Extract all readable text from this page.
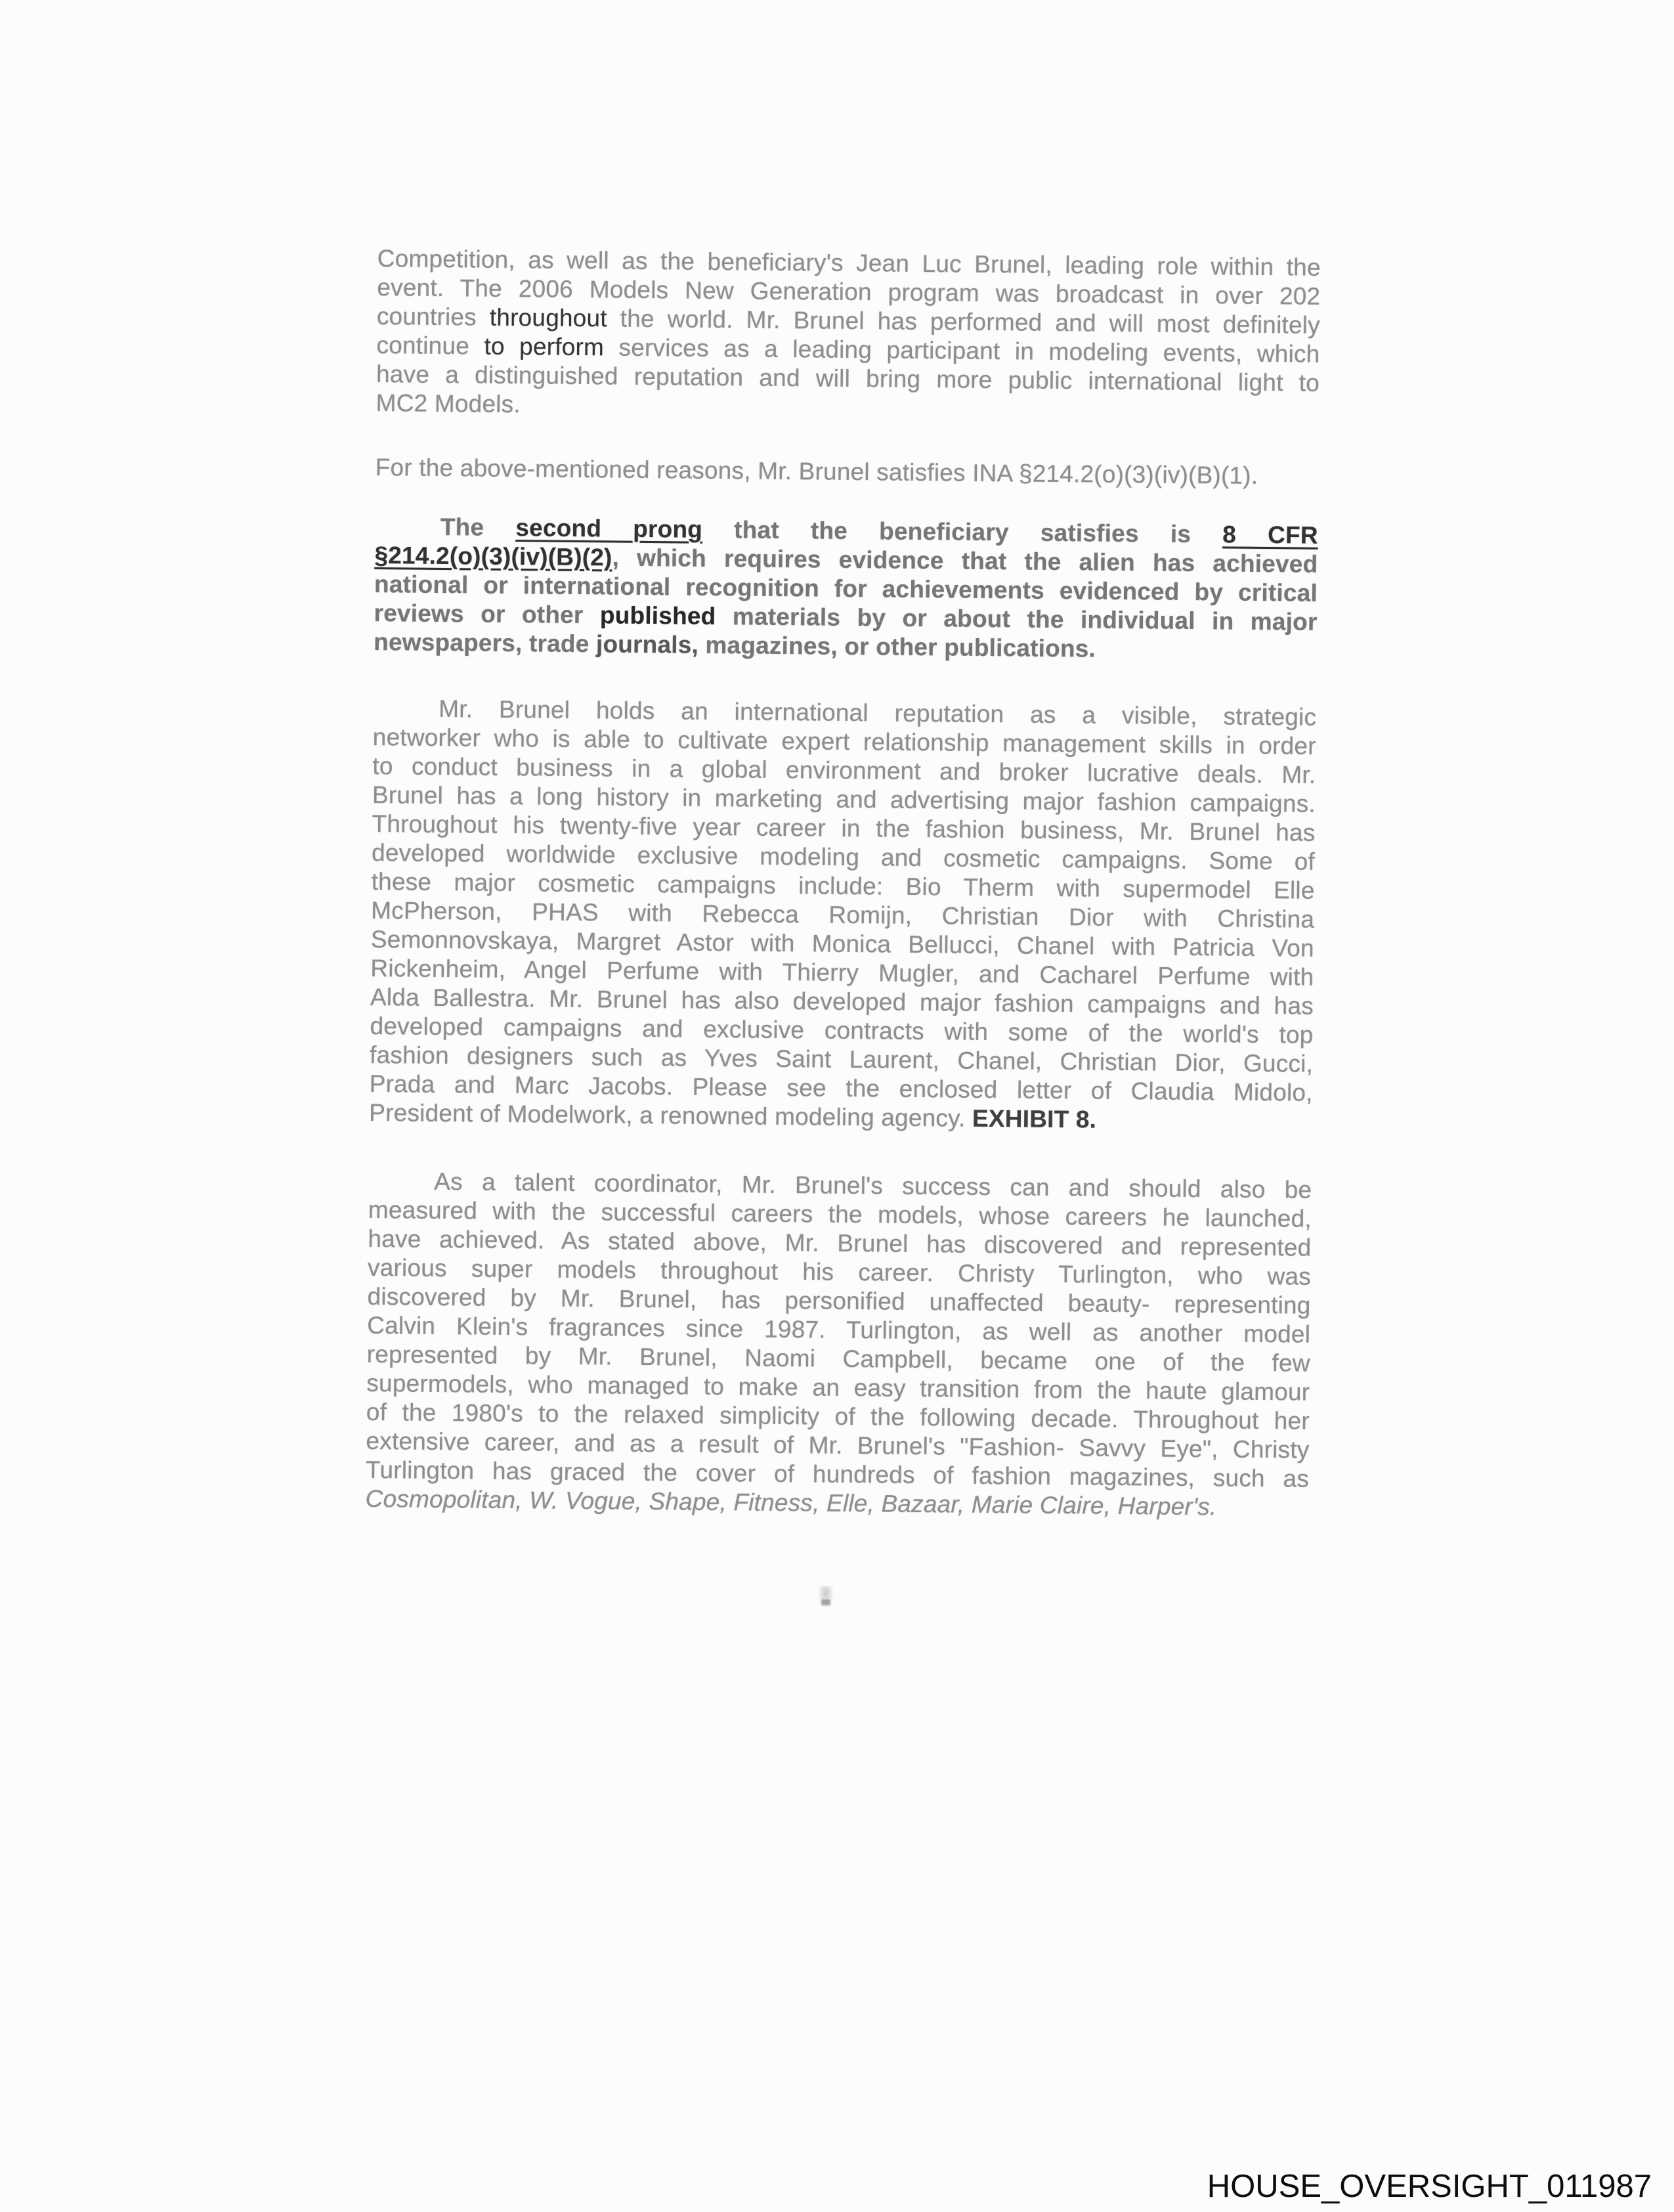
Competition, as well as the beneficiary's Jean Luc Brunel, leading role within the
event. The 2006 Models New Generation program was broadcast in over 202
countries throughout the world. Mr. Brunel has performed and will most definitely
continue to perform services as a leading participant in modeling events, which
have a distinguished reputation and will bring more public international light to
MC2 Models.

For the above-mentioned reasons, Mr. Brunel satisfies INA §214.2(o)(3)(iv)(B)(1).

The second prong that the beneficiary satisfies is 8 CFR
§214.2(o)(3)(iv)(B)(2), which requires evidence that the alien has achieved
national or international recognition for achievements evidenced by critical
reviews or other published materials by or about the individual in major
newspapers, trade journals, magazines, or other publications.

Mr. Brunel holds an international reputation as a visible, strategic
networker who is able to cultivate expert relationship management skills in order
to conduct business in a global environment and broker lucrative deals. Mr.
Brunel has a long history in marketing and advertising major fashion campaigns.
Throughout his twenty-five year career in the fashion business, Mr. Brunel has
developed worldwide exclusive modeling and cosmetic campaigns. Some of
these major cosmetic campaigns include: Bio Therm with supermodel Elle
McPherson, PHAS with Rebecca Romijn, Christian Dior with Christina
Semonnovskaya, Margret Astor with Monica Bellucci, Chanel with Patricia Von
Rickenheim, Angel Perfume with Thierry Mugler, and Cacharel Perfume with
Alda Ballestra. Mr. Brunel has also developed major fashion campaigns and has
developed campaigns and exclusive contracts with some of the world's top
fashion designers such as Yves Saint Laurent, Chanel, Christian Dior, Gucci,
Prada and Marc Jacobs. Please see the enclosed letter of Claudia Midolo,
President of Modelwork, a renowned modeling agency. EXHIBIT 8.

As a talent coordinator, Mr. Brunel's success can and should also be
measured with the successful careers the models, whose careers he launched,
have achieved. As stated above, Mr. Brunel has discovered and represented
various super models throughout his career. Christy Turlington, who was
discovered by Mr. Brunel, has personified unaffected beauty- representing
Calvin Klein's fragrances since 1987. Turlington, as well as another model
represented by Mr. Brunel, Naomi Campbell, became one of the few
supermodels, who managed to make an easy transition from the haute glamour
of the 1980's to the relaxed simplicity of the following decade. Throughout her
extensive career, and as a result of Mr. Brunel's "Fashion- Savvy Eye", Christy
Turlington has graced the cover of hundreds of fashion magazines, such as
Cosmopolitan, W. Vogue, Shape, Fitness, Elle, Bazaar, Marie Claire, Harper's.

HOUSE_OVERSIGHT_011987
